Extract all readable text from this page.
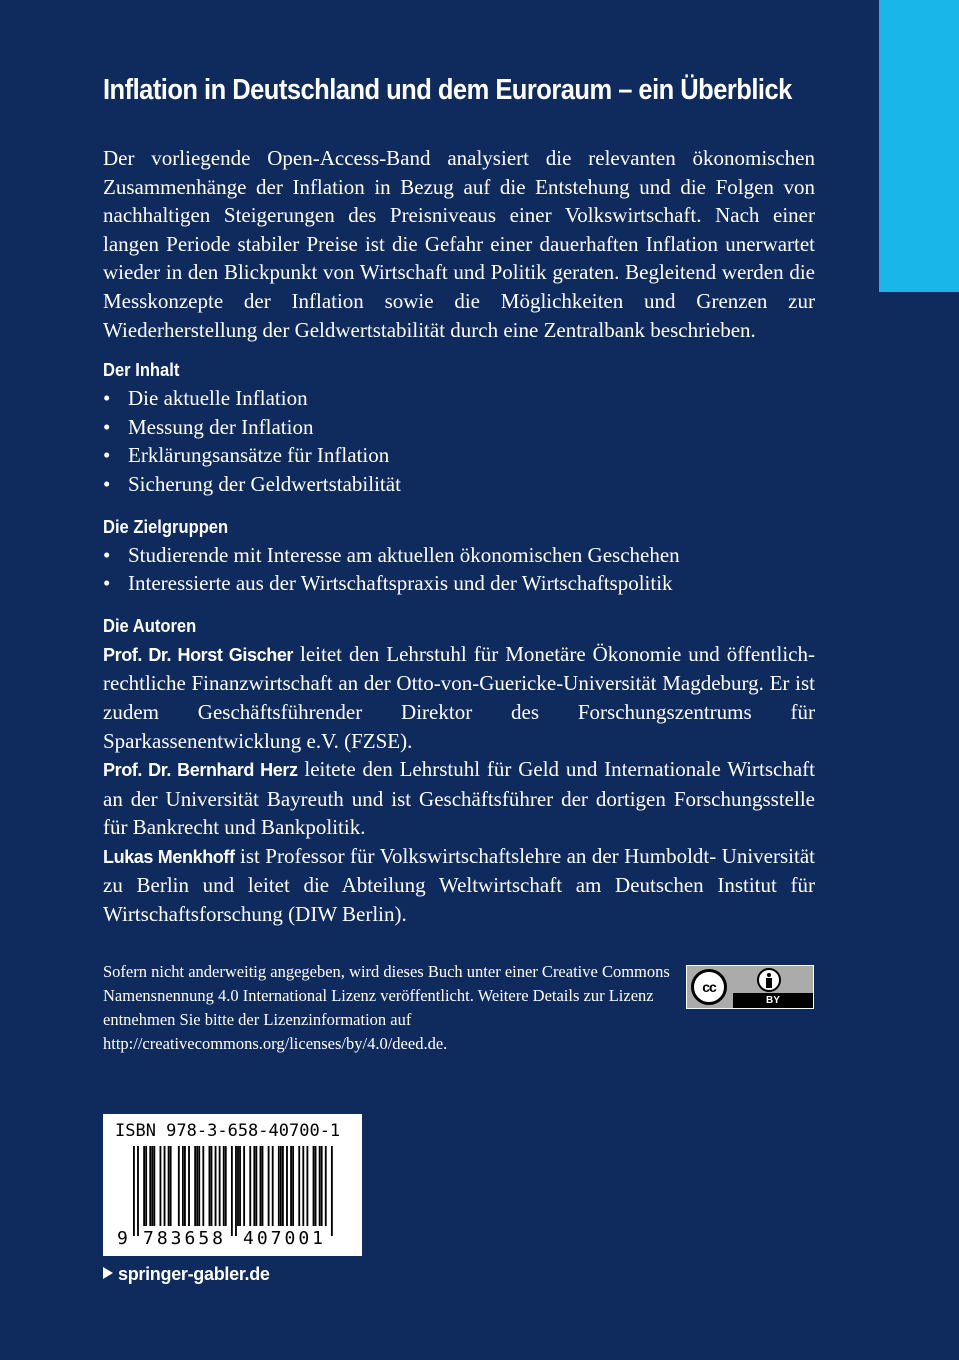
Inflation in Deutschland und dem Euroraum – ein Überblick
Der vorliegende Open-Access-Band analysiert die relevanten ökonomischen Zusammenhänge der Inflation in Bezug auf die Entstehung und die Folgen von nachhaltigen Steigerungen des Preisniveaus einer Volkswirtschaft. Nach einer langen Periode stabiler Preise ist die Gefahr einer dauerhaften Inflation unerwartet wieder in den Blickpunkt von Wirtschaft und Politik geraten. Begleitend werden die Messkonzepte der Inflation sowie die Möglichkeiten und Grenzen zur Wiederherstellung der Geldwertstabilität durch eine Zentralbank beschrieben.
Der Inhalt
• Die aktuelle Inflation
• Messung der Inflation
• Erklärungsansätze für Inflation
• Sicherung der Geldwertstabilität
Die Zielgruppen
• Studierende mit Interesse am aktuellen ökonomischen Geschehen
• Interessierte aus der Wirtschaftspraxis und der Wirtschaftspolitik
Die Autoren
Prof. Dr. Horst Gischer leitet den Lehrstuhl für Monetäre Ökonomie und öffentlich-rechtliche Finanzwirtschaft an der Otto-von-Guericke-Universität Magdeburg. Er ist zudem Geschäftsführender Direktor des Forschungszentrums für Sparkassenentwicklung e.V. (FZSE).
Prof. Dr. Bernhard Herz leitete den Lehrstuhl für Geld und Internationale Wirtschaft an der Universität Bayreuth und ist Geschäftsführer der dortigen Forschungsstelle für Bankrecht und Bankpolitik.
Lukas Menkhoff ist Professor für Volkswirtschaftslehre an der Humboldt- Universität zu Berlin und leitet die Abteilung Weltwirtschaft am Deutschen Institut für Wirtschaftsforschung (DIW Berlin).
Sofern nicht anderweitig angegeben, wird dieses Buch unter einer Creative Commons Namensnennung 4.0 International Lizenz veröffentlicht. Weitere Details zur Lizenz entnehmen Sie bitte der Lizenzinformation auf http://creativecommons.org/licenses/by/4.0/deed.de.
cc
BY
ISBN 978-3-658-40700-1
9 783658 407001
springer-gabler.de
